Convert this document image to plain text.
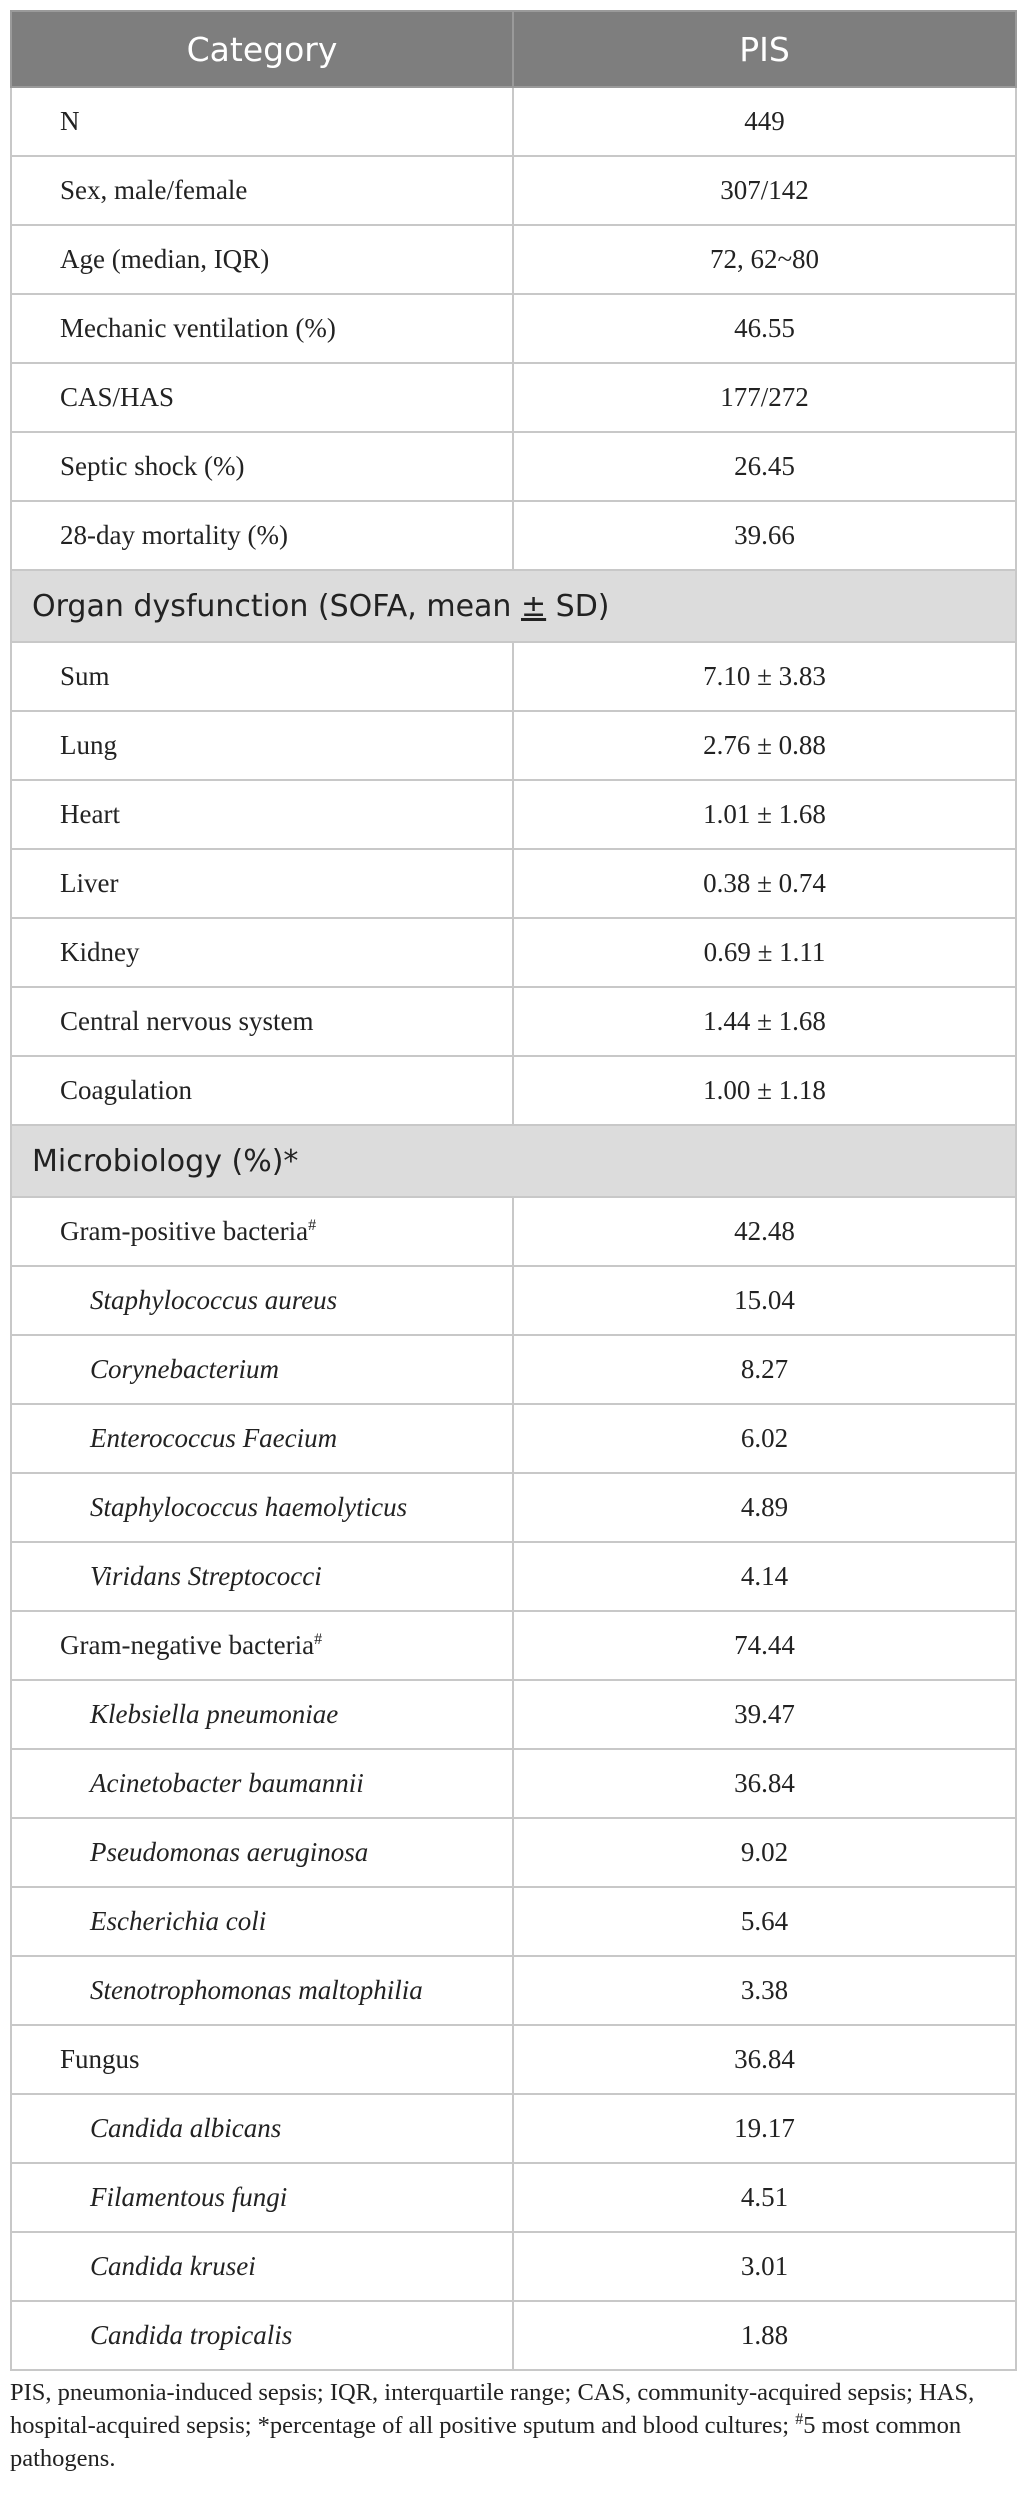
Category	PIS
N	449
Sex, male/female	307/142
Age (median, IQR)	72, 62~80
Mechanic ventilation (%)	46.55
CAS/HAS	177/272
Septic shock (%)	26.45
28-day mortality (%)	39.66
Organ dysfunction (SOFA, mean ± SD)	
Sum	7.10 ± 3.83
Lung	2.76 ± 0.88
Heart	1.01 ± 1.68
Liver	0.38 ± 0.74
Kidney	0.69 ± 1.11
Central nervous system	1.44 ± 1.68
Coagulation	1.00 ± 1.18
Microbiology (%)*	
Gram-positive bacteria#	42.48
Staphylococcus aureus	15.04
Corynebacterium	8.27
Enterococcus Faecium	6.02
Staphylococcus haemolyticus	4.89
Viridans Streptococci	4.14
Gram-negative bacteria#	74.44
Klebsiella pneumoniae	39.47
Acinetobacter baumannii	36.84
Pseudomonas aeruginosa	9.02
Escherichia coli	5.64
Stenotrophomonas maltophilia	3.38
Fungus	36.84
Candida albicans	19.17
Filamentous fungi	4.51
Candida krusei	3.01
Candida tropicalis	1.88
PIS, pneumonia-induced sepsis; IQR, interquartile range; CAS, community-acquired sepsis; HAS, hospital-acquired sepsis; *percentage of all positive sputum and blood cultures; #5 most common pathogens.
